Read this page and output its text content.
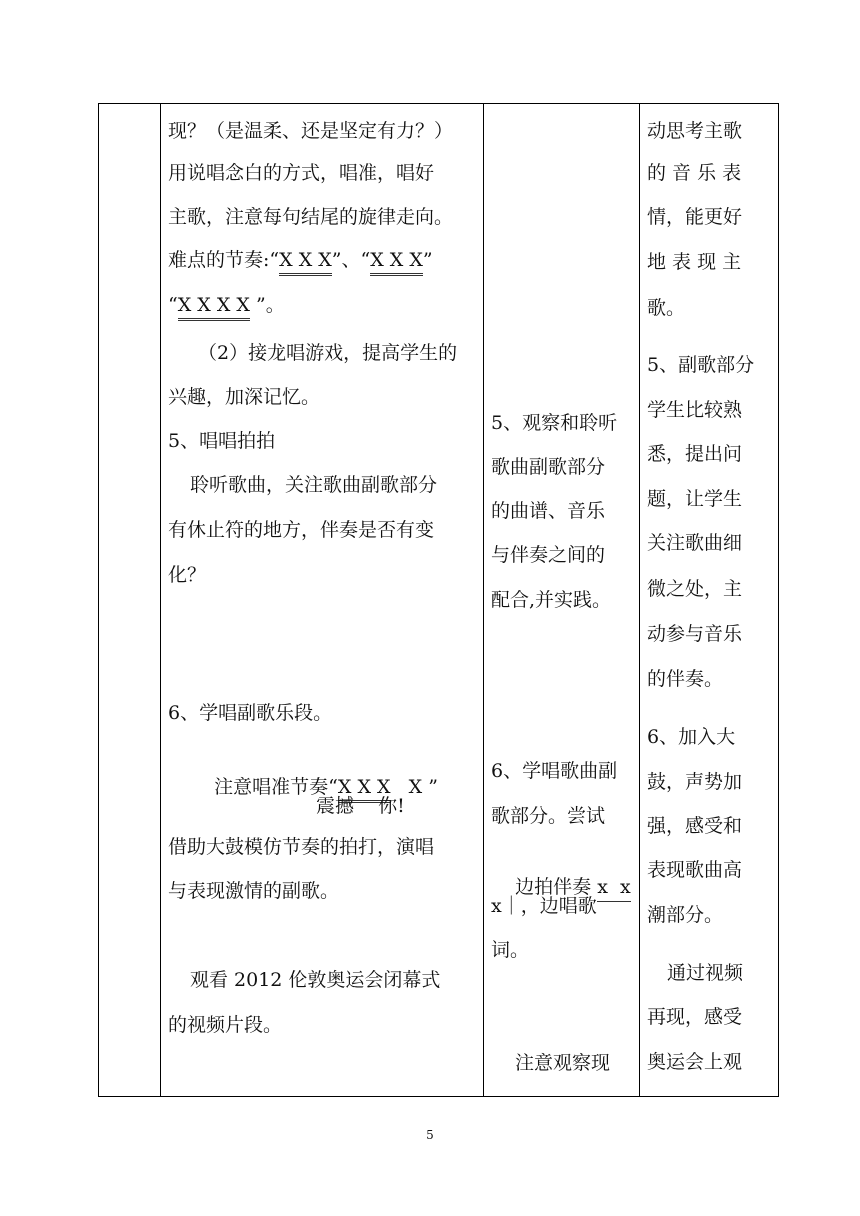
现？（是温柔、还是坚定有力？）
用说唱念白的方式，唱准，唱好
主歌，注意每句结尾的旋律走向。
难点的节奏:“X X X”、“X X X”
“X X X X ”。
（2）接龙唱游戏，提高学生的
兴趣，加深记忆。
5、唱唱拍拍
聆听歌曲，关注歌曲副歌部分
有休止符的地方，伴奏是否有变
化？
6、学唱副歌乐段。

注意唱准节奏“X X X   X ”

震撼    你!
借助大鼓模仿节奏的拍打，演唱
与表现激情的副歌。
观看 2012 伦敦奥运会闭幕式
的视频片段。
5、观察和聆听
歌曲副歌部分
的曲谱、音乐
与伴奏之间的
配合,并实践。
6、学唱歌曲副
歌部分。尝试

边拍伴奏 x  x

x｜，边唱歌
词。
注意观察现
动思考主歌
的 音 乐 表
情，能更好
地 表 现 主
歌。
5、副歌部分
学生比较熟
悉，提出问
题，让学生
关注歌曲细
微之处，主
动参与音乐
的伴奏。
6、加入大
鼓，声势加
强，感受和
表现歌曲高
潮部分。
通过视频
再现，感受
奥运会上观
5
